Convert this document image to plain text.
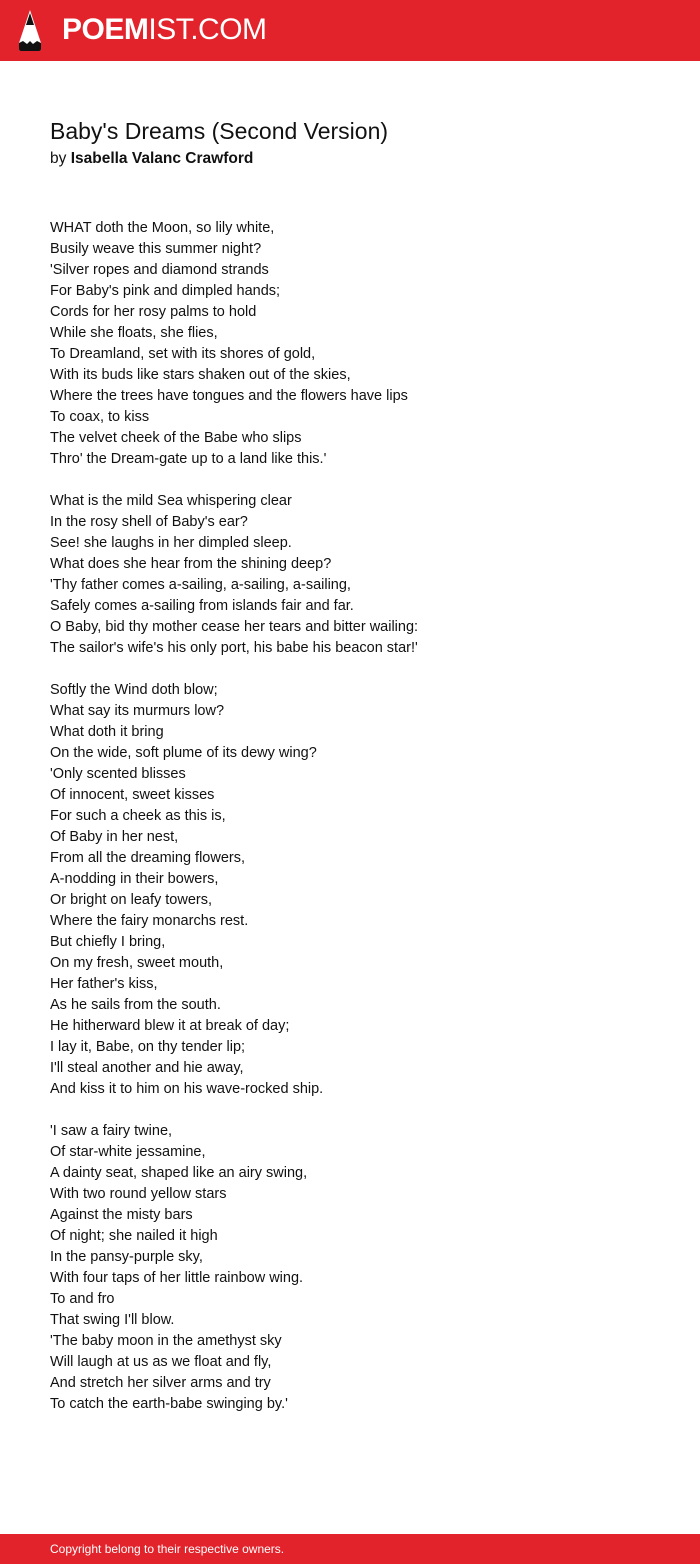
POEMIST.COM
Baby's Dreams (Second Version)
by Isabella Valanc Crawford
WHAT doth the Moon, so lily white,
Busily weave this summer night?
'Silver ropes and diamond strands
For Baby's pink and dimpled hands;
Cords for her rosy palms to hold
While she floats, she flies,
To Dreamland, set with its shores of gold,
With its buds like stars shaken out of the skies,
Where the trees have tongues and the flowers have lips
To coax, to kiss
The velvet cheek of the Babe who slips
Thro' the Dream-gate up to a land like this.'
What is the mild Sea whispering clear
In the rosy shell of Baby's ear?
See! she laughs in her dimpled sleep.
What does she hear from the shining deep?
'Thy father comes a-sailing, a-sailing, a-sailing,
Safely comes a-sailing from islands fair and far.
O Baby, bid thy mother cease her tears and bitter wailing:
The sailor's wife's his only port, his babe his beacon star!'
Softly the Wind doth blow;
What say its murmurs low?
What doth it bring
On the wide, soft plume of its dewy wing?
'Only scented blisses
Of innocent, sweet kisses
For such a cheek as this is,
Of Baby in her nest,
From all the dreaming flowers,
A-nodding in their bowers,
Or bright on leafy towers,
Where the fairy monarchs rest.
But chiefly I bring,
On my fresh, sweet mouth,
Her father's kiss,
As he sails from the south.
He hitherward blew it at break of day;
I lay it, Babe, on thy tender lip;
I'll steal another and hie away,
And kiss it to him on his wave-rocked ship.
'I saw a fairy twine,
Of star-white jessamine,
A dainty seat, shaped like an airy swing,
With two round yellow stars
Against the misty bars
Of night; she nailed it high
In the pansy-purple sky,
With four taps of her little rainbow wing.
To and fro
That swing I'll blow.
'The baby moon in the amethyst sky
Will laugh at us as we float and fly,
And stretch her silver arms and try
To catch the earth-babe swinging by.'
Copyright belong to their respective owners.
